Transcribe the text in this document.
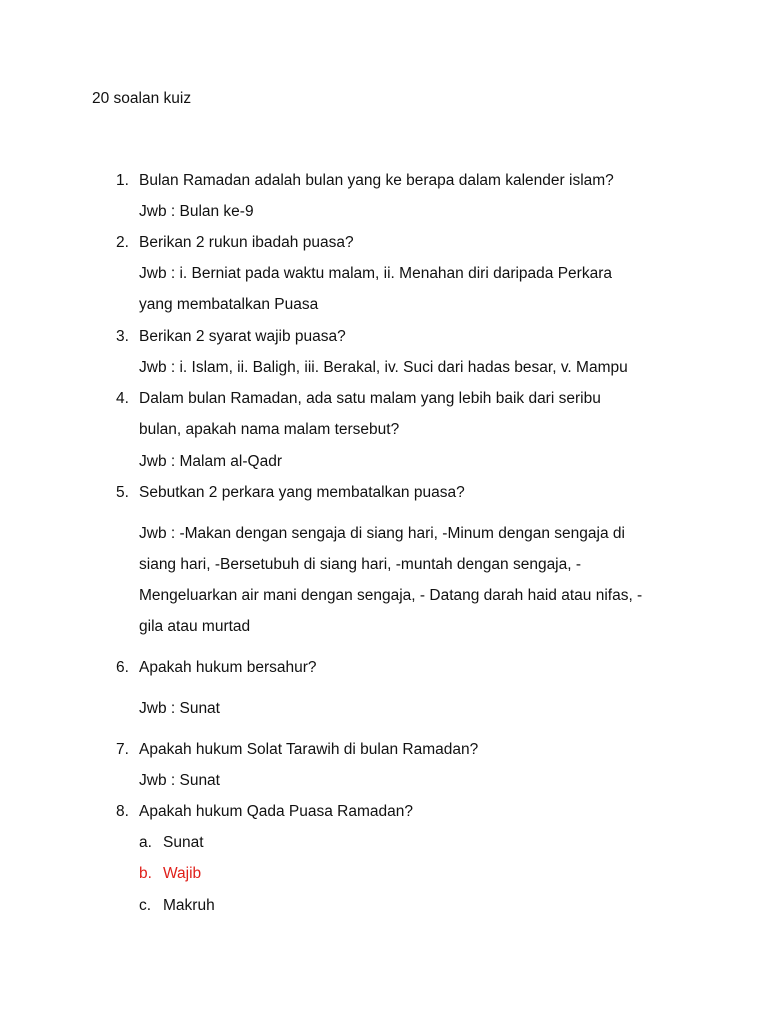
20 soalan kuiz
1. Bulan Ramadan adalah bulan yang ke berapa dalam kalender islam?
Jwb : Bulan ke-9
2. Berikan 2 rukun ibadah puasa?
Jwb : i. Berniat pada waktu malam, ii. Menahan diri daripada Perkara
yang membatalkan Puasa
3. Berikan 2 syarat wajib puasa?
Jwb : i. Islam, ii. Baligh, iii. Berakal, iv. Suci dari hadas besar, v. Mampu
4. Dalam bulan Ramadan, ada satu malam yang lebih baik dari seribu
bulan, apakah nama malam tersebut?
Jwb : Malam al-Qadr
5. Sebutkan 2 perkara yang membatalkan puasa?
Jwb : -Makan dengan sengaja di siang hari, -Minum dengan sengaja di
siang hari, -Bersetubuh di siang hari, -muntah dengan sengaja, -
Mengeluarkan air mani dengan sengaja, - Datang darah haid atau nifas, -
gila atau murtad
6. Apakah hukum bersahur?
Jwb : Sunat
7. Apakah hukum Solat Tarawih di bulan Ramadan?
Jwb : Sunat
8. Apakah hukum Qada Puasa Ramadan?
a. Sunat
b. Wajib
c. Makruh
